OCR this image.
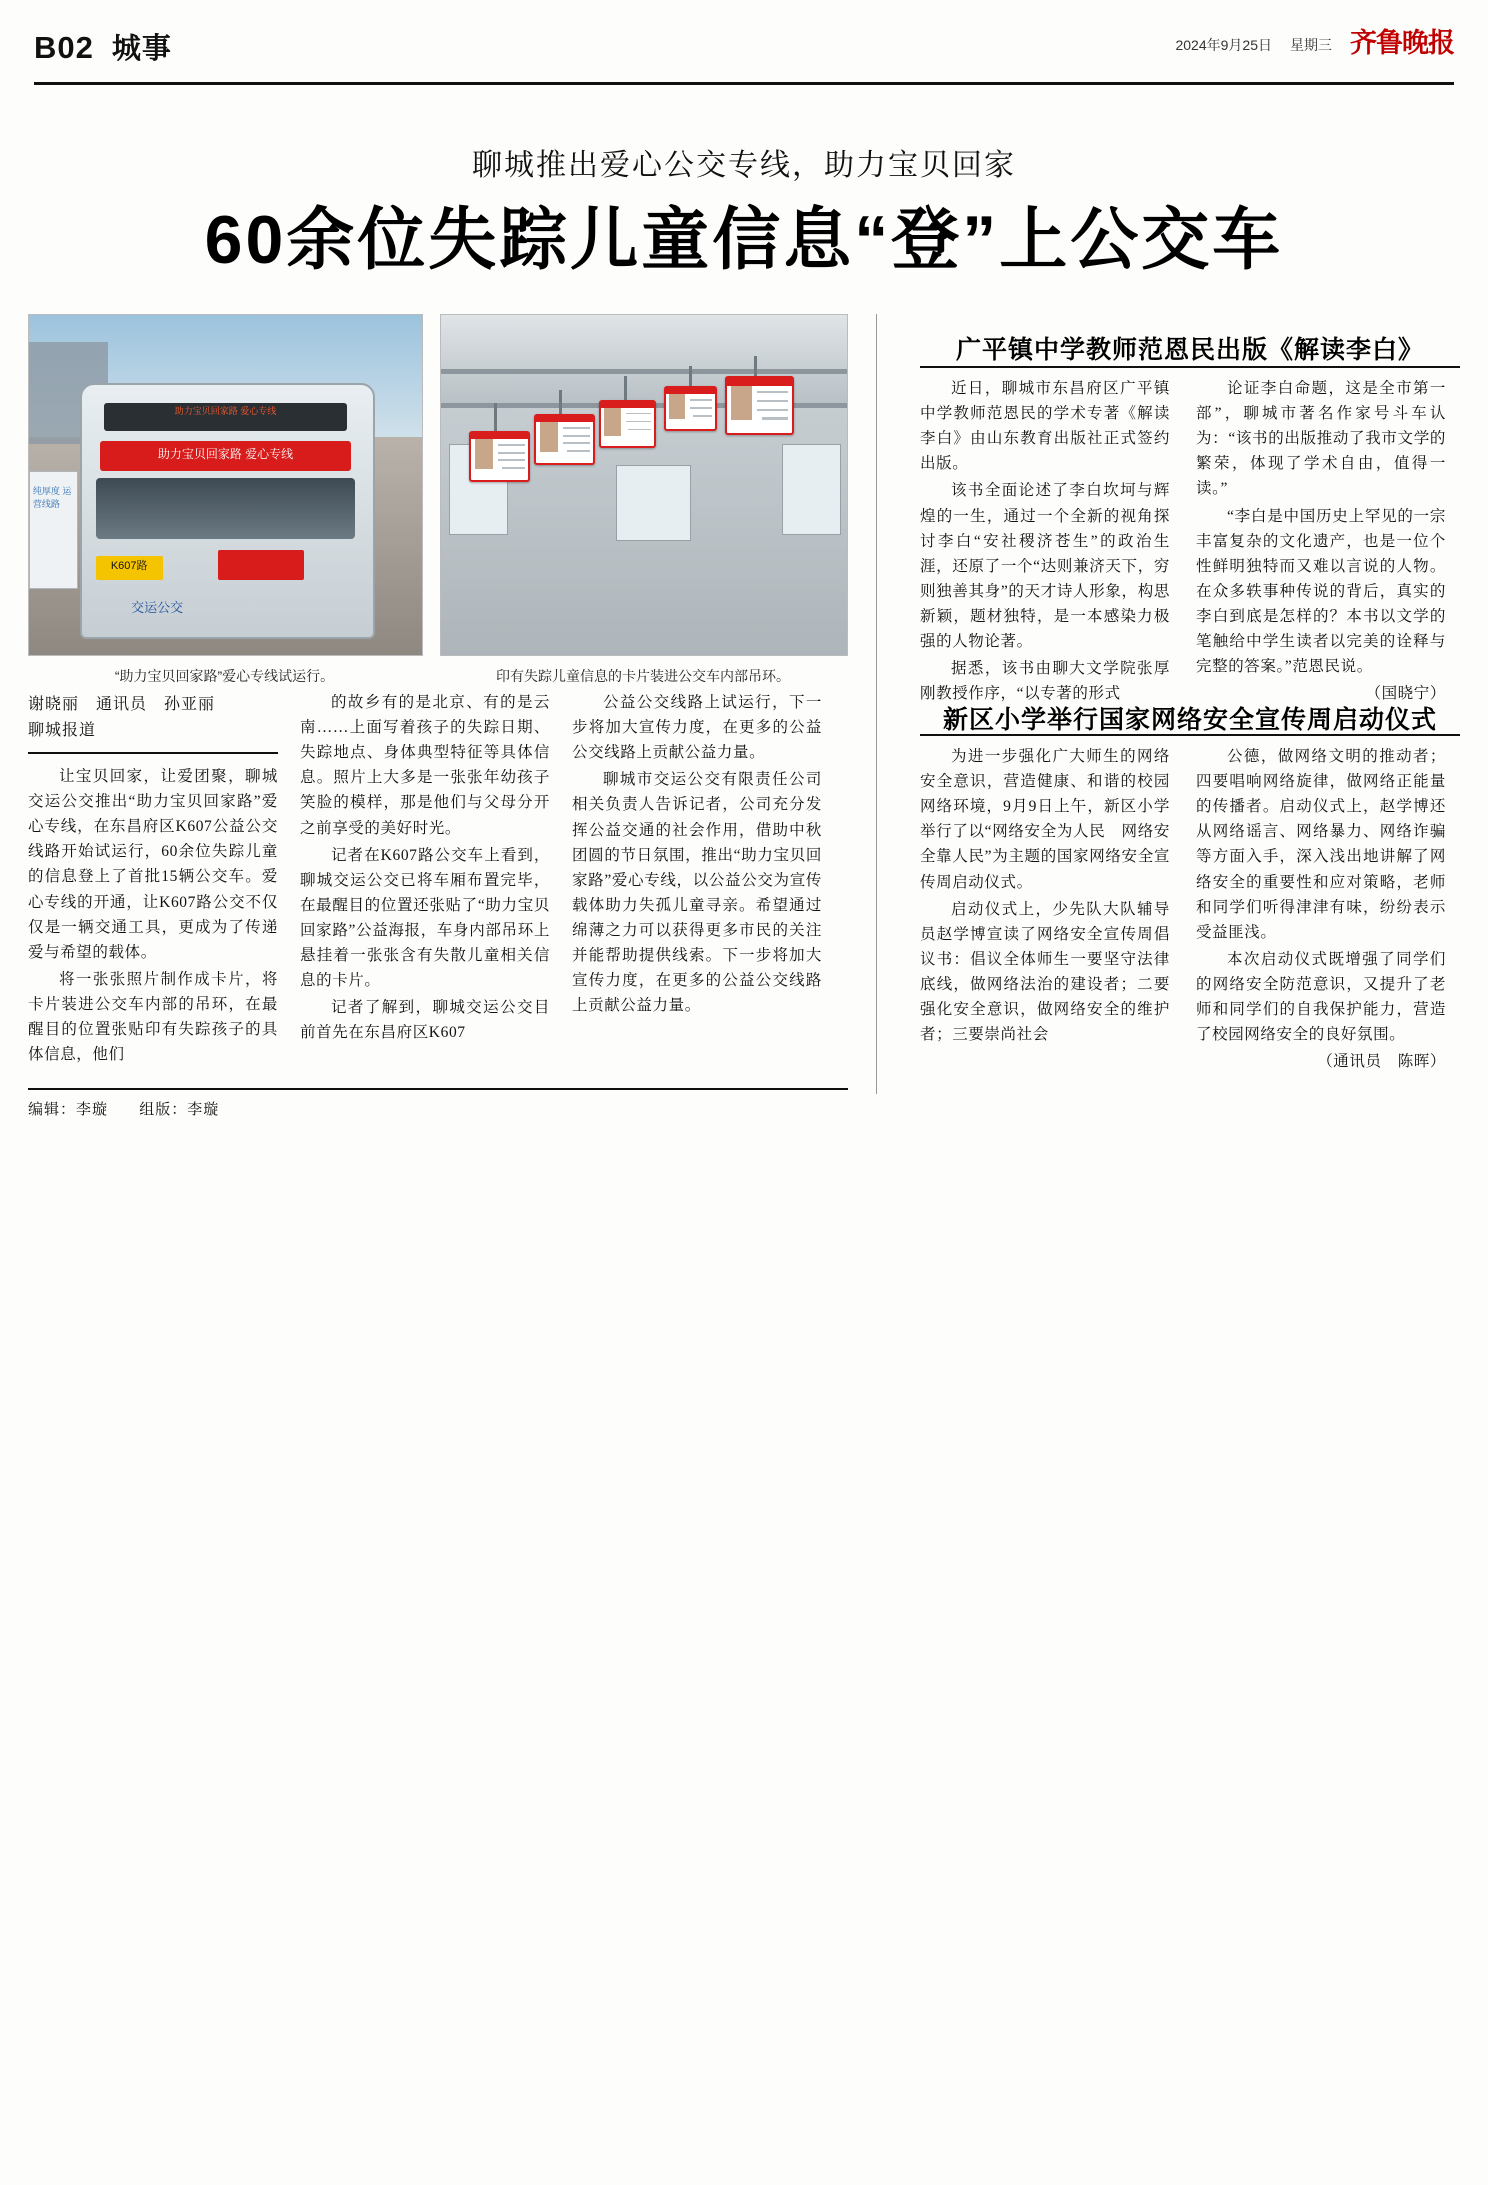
B02 城事	2024年9月25日 星期三 齐鲁晚报
聊城推出爱心公交专线，助力宝贝回家
60余位失踪儿童信息“登”上公交车
纯厚度 运营线路
助力宝贝回家路 爱心专线
助力宝贝回家路 爱心专线
K607路
交运公交
“助力宝贝回家路”爱心专线试运行。	印有失踪儿童信息的卡片装进公交车内部吊环。
谢晓丽　通讯员　孙亚丽
聊城报道

让宝贝回家，让爱团聚，聊城交运公交推出“助力宝贝回家路”爱心专线，在东昌府区K607公益公交线路开始试运行，60余位失踪儿童的信息登上了首批15辆公交车。爱心专线的开通，让K607路公交不仅仅是一辆交通工具，更成为了传递爱与希望的载体。

将一张张照片制作成卡片，将卡片装进公交车内部的吊环，在最醒目的位置张贴印有失踪孩子的具体信息，他们

的故乡有的是北京、有的是云南……上面写着孩子的失踪日期、失踪地点、身体典型特征等具体信息。照片上大多是一张张年幼孩子笑脸的模样，那是他们与父母分开之前享受的美好时光。

记者在K607路公交车上看到，聊城交运公交已将车厢布置完毕，在最醒目的位置还张贴了“助力宝贝回家路”公益海报，车身内部吊环上悬挂着一张张含有失散儿童相关信息的卡片。

记者了解到，聊城交运公交目前首先在东昌府区K607

公益公交线路上试运行，下一步将加大宣传力度，在更多的公益公交线路上贡献公益力量。

聊城市交运公交有限责任公司相关负责人告诉记者，公司充分发挥公益交通的社会作用，借助中秋团圆的节日氛围，推出“助力宝贝回家路”爱心专线，以公益公交为宣传载体助力失孤儿童寻亲。希望通过绵薄之力可以获得更多市民的关注并能帮助提供线索。下一步将加大宣传力度，在更多的公益公交线路上贡献公益力量。

广平镇中学教师范恩民出版《解读李白》

近日，聊城市东昌府区广平镇中学教师范恩民的学术专著《解读李白》由山东教育出版社正式签约出版。

该书全面论述了李白坎坷与辉煌的一生，通过一个全新的视角探讨李白“安社稷济苍生”的政治生涯，还原了一个“达则兼济天下，穷则独善其身”的天才诗人形象，构思新颖，题材独特，是一本感染力极强的人物论著。

据悉，该书由聊大文学院张厚刚教授作序，“以专著的形式

论证李白命题，这是全市第一部”，聊城市著名作家号斗车认为：“该书的出版推动了我市文学的繁荣，体现了学术自由，值得一读。”

“李白是中国历史上罕见的一宗丰富复杂的文化遗产，也是一位个性鲜明独特而又难以言说的人物。在众多轶事种传说的背后，真实的李白到底是怎样的？本书以文学的笔触给中学生读者以完美的诠释与完整的答案。”范恩民说。

（国晓宁）

新区小学举行国家网络安全宣传周启动仪式

为进一步强化广大师生的网络安全意识，营造健康、和谐的校园网络环境，9月9日上午，新区小学举行了以“网络安全为人民　网络安全靠人民”为主题的国家网络安全宣传周启动仪式。

启动仪式上，少先队大队辅导员赵学博宣读了网络安全宣传周倡议书：倡议全体师生一要坚守法律底线，做网络法治的建设者；二要强化安全意识，做网络安全的维护者；三要崇尚社会

公德，做网络文明的推动者；四要唱响网络旋律，做网络正能量的传播者。启动仪式上，赵学博还从网络谣言、网络暴力、网络诈骗等方面入手，深入浅出地讲解了网络安全的重要性和应对策略，老师和同学们听得津津有味，纷纷表示受益匪浅。

本次启动仪式既增强了同学们的网络安全防范意识，又提升了老师和同学们的自我保护能力，营造了校园网络安全的良好氛围。

（通讯员　陈晖）

编辑：李璇 组版：李璇
